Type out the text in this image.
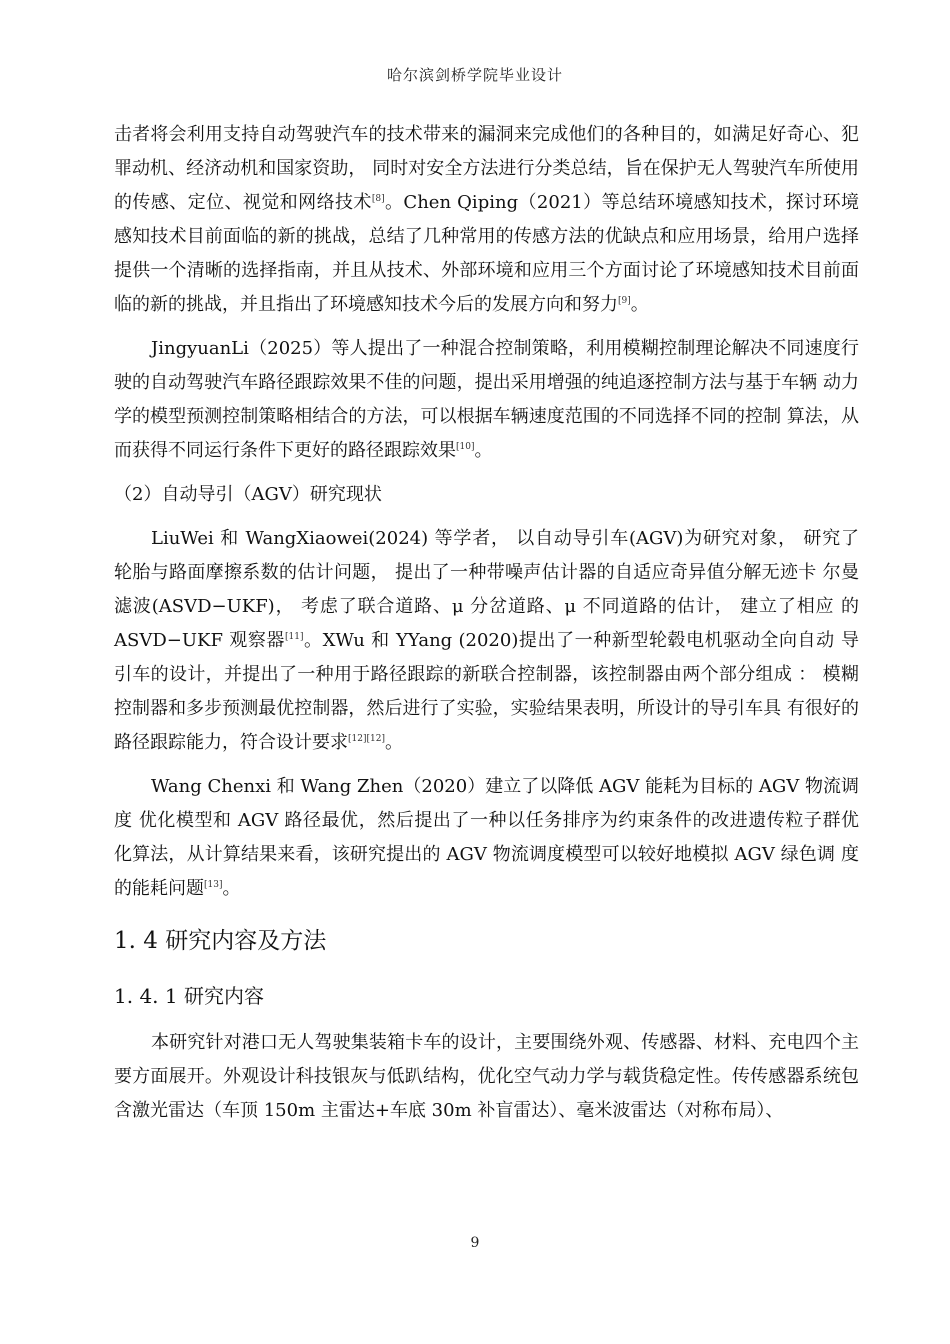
哈尔滨剑桥学院毕业设计

击者将会利用支持自动驾驶汽车的技术带来的漏洞来完成他们的各种目的，如满足好奇心、犯罪动机、经济动机和国家资助， 同时对安全方法进行分类总结，旨在保护无人驾驶汽车所使用的传感、定位、视觉和网络技术[8]。Chen Qiping（2021）等总结环境感知技术，探讨环境感知技术目前面临的新的挑战，总结了几种常用的传感方法的优缺点和应用场景，给用户选择提供一个清晰的选择指南，并且从技术、外部环境和应用三个方面讨论了环境感知技术目前面临的新的挑战，并且指出了环境感知技术今后的发展方向和努力[9]。

JingyuanLi（2025）等人提出了一种混合控制策略，利用模糊控制理论解决不同速度行 驶的自动驾驶汽车路径跟踪效果不佳的问题，提出采用增强的纯追逐控制方法与基于车辆 动力学的模型预测控制策略相结合的方法，可以根据车辆速度范围的不同选择不同的控制 算法，从而获得不同运行条件下更好的路径跟踪效果[10]。

（2）自动导引（AGV）研究现状

LiuWei 和 WangXiaowei(2024) 等学者， 以自动导引车(AGV)为研究对象， 研究了 轮胎与路面摩擦系数的估计问题， 提出了一种带噪声估计器的自适应奇异值分解无迹卡 尔曼滤波(ASVD−UKF)， 考虑了联合道路、μ 分岔道路、μ 不同道路的估计， 建立了相应 的 ASVD−UKF 观察器[11]。XWu 和 YYang (2020)提出了一种新型轮毂电机驱动全向自动 导引车的设计，并提出了一种用于路径跟踪的新联合控制器，该控制器由两个部分组成 ： 模糊控制器和多步预测最优控制器，然后进行了实验，实验结果表明，所设计的导引车具 有很好的路径跟踪能力，符合设计要求[12][12]。

Wang Chenxi 和 Wang Zhen（2020）建立了以降低 AGV 能耗为目标的 AGV 物流调度 优化模型和 AGV 路径最优，然后提出了一种以任务排序为约束条件的改进遗传粒子群优 化算法，从计算结果来看，该研究提出的 AGV 物流调度模型可以较好地模拟 AGV 绿色调 度的能耗问题[13]。

1. 4 研究内容及方法
1. 4. 1 研究内容

本研究针对港口无人驾驶集装箱卡车的设计，主要围绕外观、传感器、材料、充电四个主要方面展开。外观设计科技银灰与低趴结构，优化空气动力学与载货稳定性。传传感器系统包含激光雷达（车顶 150m 主雷达+车底 30m 补盲雷达）、毫米波雷达（对称布局）、

9
